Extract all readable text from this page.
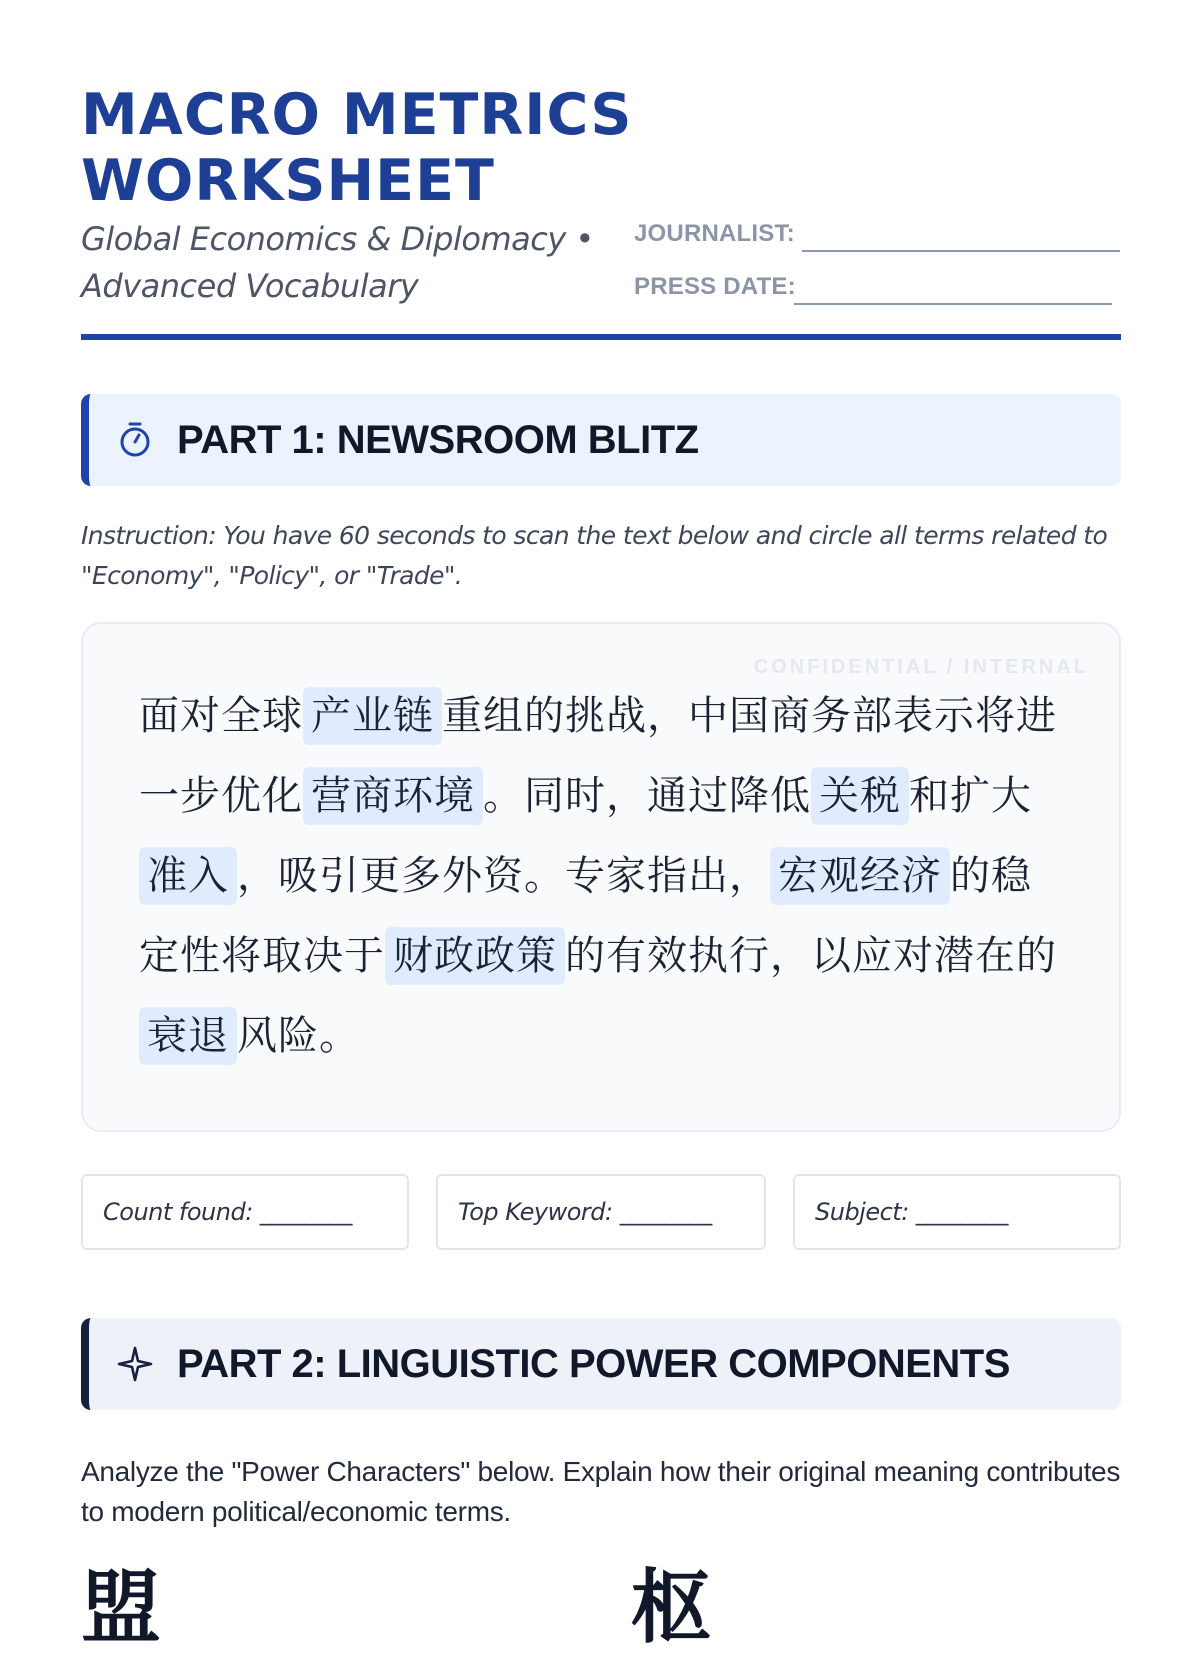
MACRO METRICS
WORKSHEET
Global Economics & Diplomacy •
Advanced Vocabulary
JOURNALIST:
PRESS DATE:
PART 1: NEWSROOM BLITZ
Instruction: You have 60 seconds to scan the text below and circle all terms related to "Economy", "Policy", or "Trade".
CONFIDENTIAL / INTERNAL
面对全球 产业链 重组的挑战，中国商务部表示将进一步优化 营商环境 。同时，通过降低 关税 和扩大准入 ，吸引更多外资。专家指出， 宏观经济 的稳定性将取决于 财政政策 的有效执行，以应对潜在的衰退 风险。
Count found: ________	Top Keyword: ________	Subject: ________
PART 2: LINGUISTIC POWER COMPONENTS
Analyze the "Power Characters" below. Explain how their original meaning contributes to modern political/economic terms.
盟	枢
